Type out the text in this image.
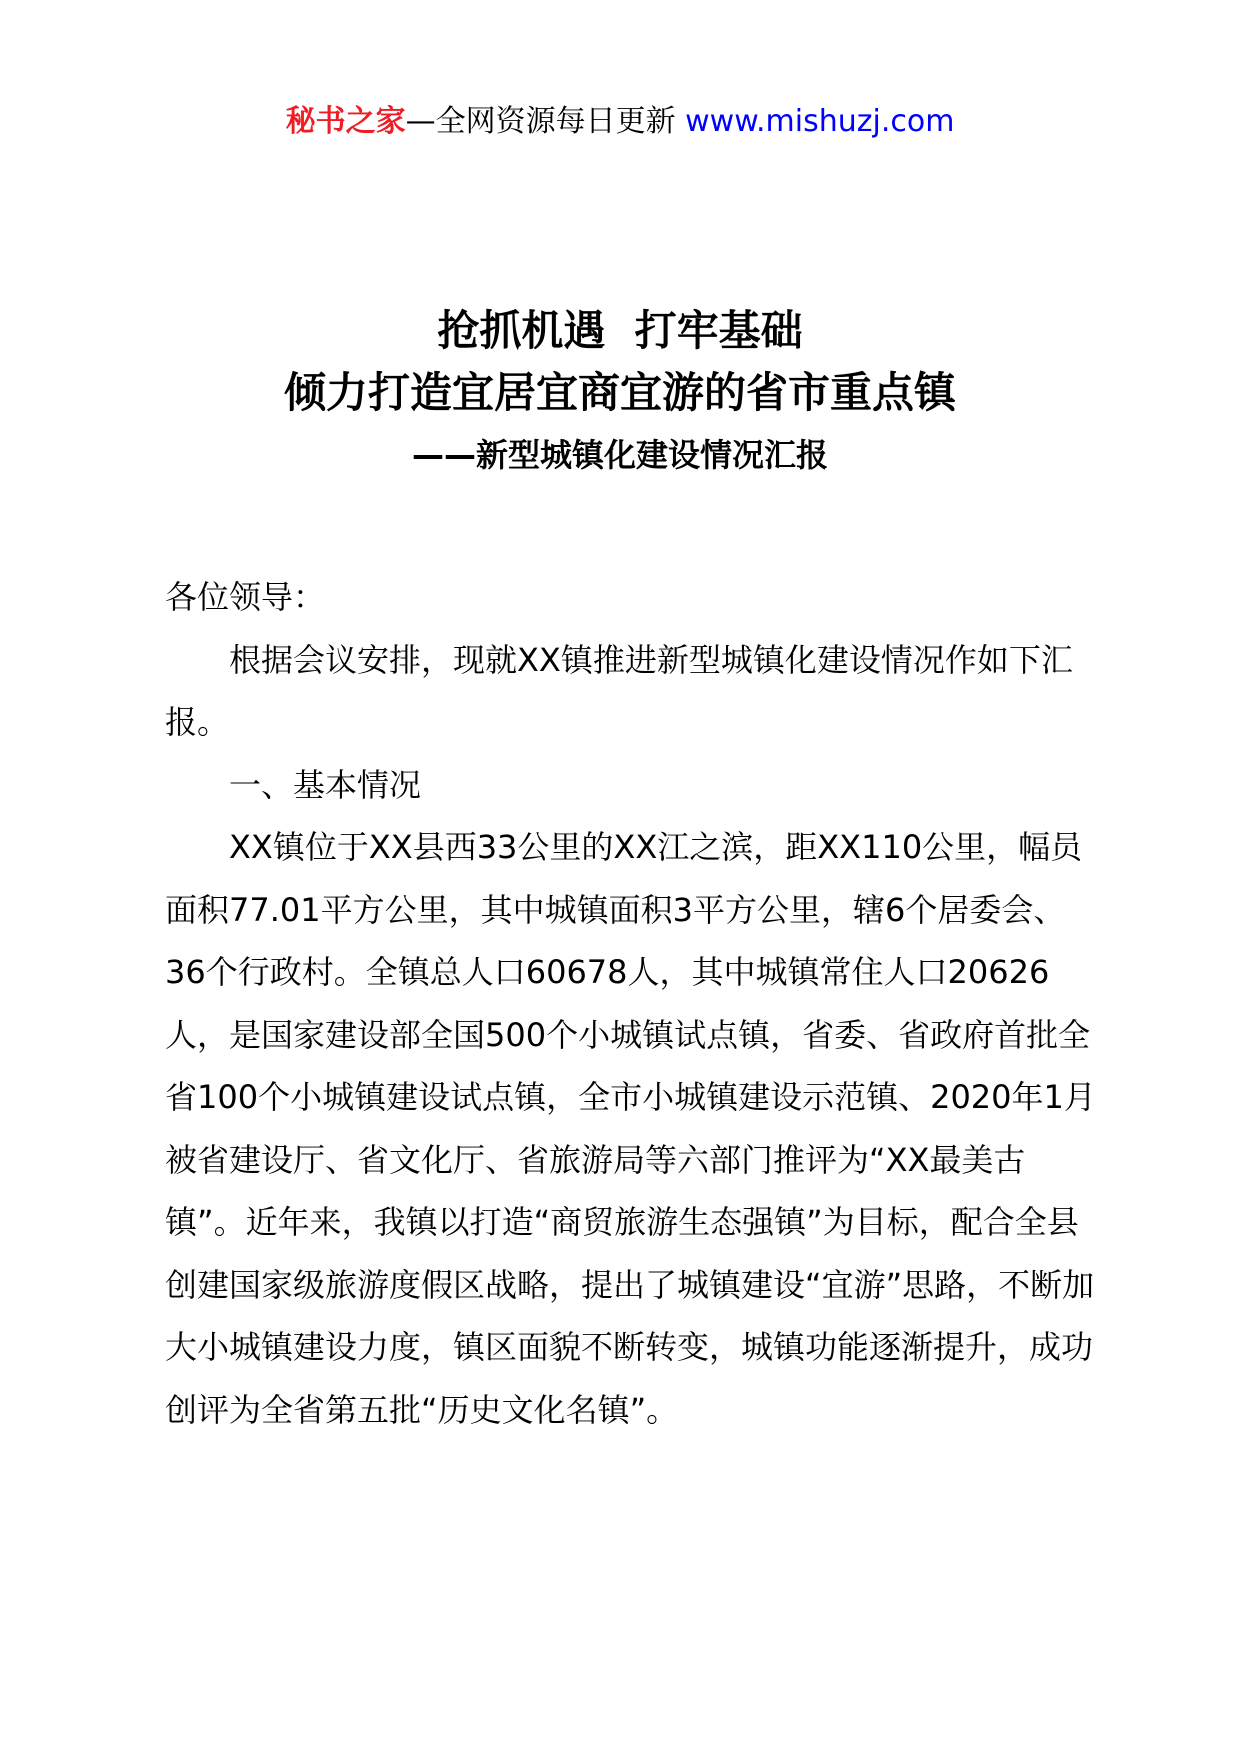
秘书之家—全网资源每日更新 www.mishuzj.com
抢抓机遇  打牢基础
倾力打造宜居宜商宜游的省市重点镇
——新型城镇化建设情况汇报

各位领导：

根据会议安排，现就XX镇推进新型城镇化建设情况作如下汇报。

一、基本情况

XX镇位于XX县西33公里的XX江之滨，距XX110公里，幅员面积77.01平方公里，其中城镇面积3平方公里，辖6个居委会、36个行政村。全镇总人口60678人，其中城镇常住人口20626人，是国家建设部全国500个小城镇试点镇，省委、省政府首批全省100个小城镇建设试点镇，全市小城镇建设示范镇、2020年1月被省建设厅、省文化厅、省旅游局等六部门推评为“XX最美古镇”。近年来，我镇以打造“商贸旅游生态强镇”为目标，配合全县创建国家级旅游度假区战略，提出了城镇建设“宜游”思路，不断加大小城镇建设力度，镇区面貌不断转变，城镇功能逐渐提升，成功创评为全省第五批“历史文化名镇”。
